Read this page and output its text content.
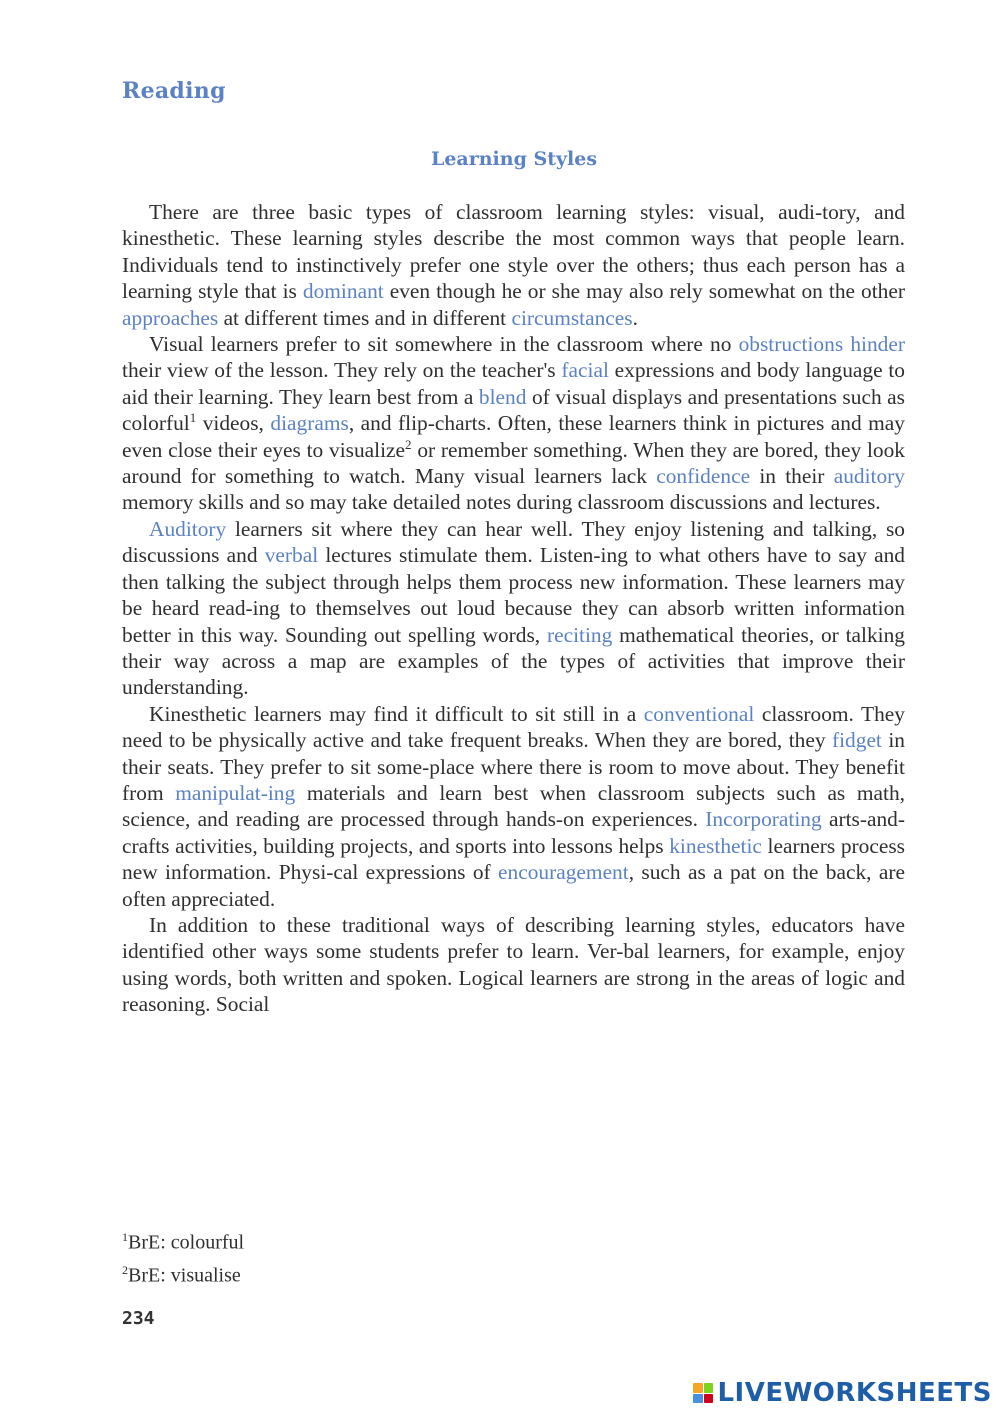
Reading
Learning Styles

There are three basic types of classroom learning styles: visual, audi-tory, and kinesthetic. These learning styles describe the most common ways that people learn. Individuals tend to instinctively prefer one style over the others; thus each person has a learning style that is dominant even though he or she may also rely somewhat on the other approaches at different times and in different circumstances.

Visual learners prefer to sit somewhere in the classroom where no obstructions hinder their view of the lesson. They rely on the teacher's facial expressions and body language to aid their learning. They learn best from a blend of visual displays and presentations such as colorful$^1$ videos, diagrams, and flip-charts. Often, these learners think in pictures and may even close their eyes to visualize$^2$ or remember something. When they are bored, they look around for something to watch. Many visual learners lack confidence in their auditory memory skills and so may take detailed notes during classroom discussions and lectures.

Auditory learners sit where they can hear well. They enjoy listening and talking, so discussions and verbal lectures stimulate them. Listen-ing to what others have to say and then talking the subject through helps them process new information. These learners may be heard read-ing to themselves out loud because they can absorb written information better in this way. Sounding out spelling words, reciting mathematical theories, or talking their way across a map are examples of the types of activities that improve their understanding.

Kinesthetic learners may find it difficult to sit still in a conventional classroom. They need to be physically active and take frequent breaks. When they are bored, they fidget in their seats. They prefer to sit some-place where there is room to move about. They benefit from manipulat-ing materials and learn best when classroom subjects such as math, science, and reading are processed through hands-on experiences. Incorporating arts-and-crafts activities, building projects, and sports into lessons helps kinesthetic learners process new information. Physi-cal expressions of encouragement, such as a pat on the back, are often appreciated.

In addition to these traditional ways of describing learning styles, educators have identified other ways some students prefer to learn. Ver-bal learners, for example, enjoy using words, both written and spoken. Logical learners are strong in the areas of logic and reasoning. Social

$^1$BrE: colourful

$^2$BrE: visualise

234

LIVEWORKSHEETS
